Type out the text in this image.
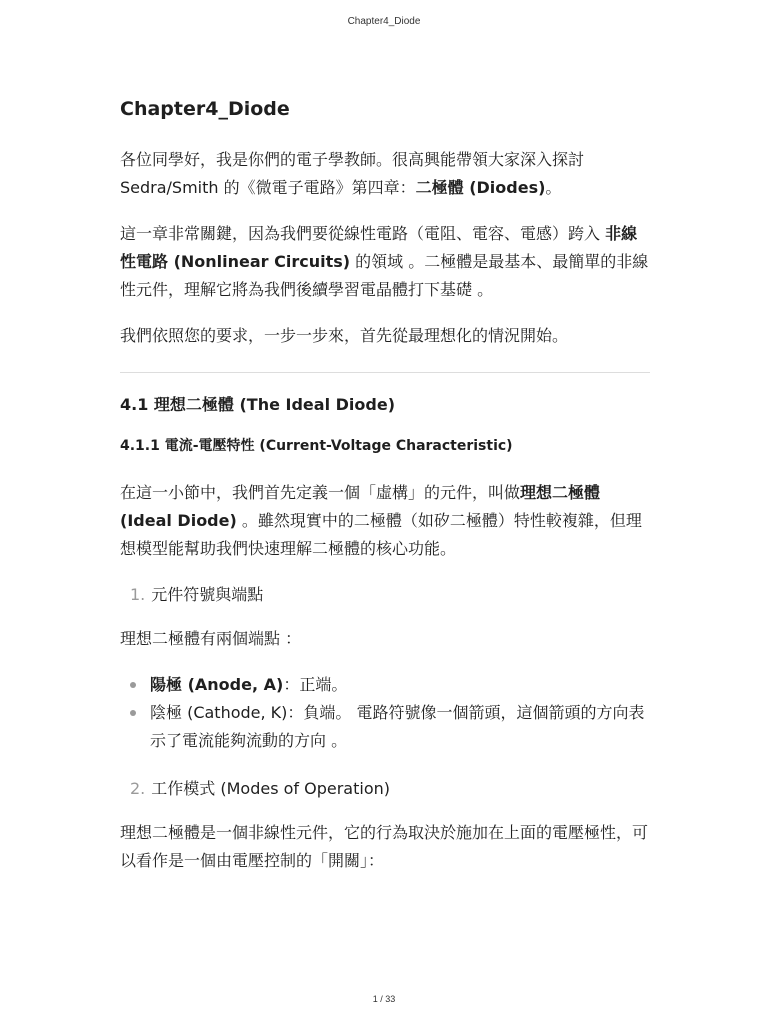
Chapter4_Diode
Chapter4_Diode

各位同學好，我是你們的電子學教師。很高興能帶領大家深入探討 Sedra/Smith 的《微電子電路》第四章：二極體 (Diodes)。

這一章非常關鍵，因為我們要從線性電路（電阻、電容、電感）跨入 非線性電路 (Nonlinear Circuits) 的領域 。二極體是最基本、最簡單的非線性元件，理解它將為我們後續學習電晶體打下基礎 。

我們依照您的要求，一步一步來，首先從最理想化的情況開始。

4.1 理想二極體 (The Ideal Diode)
4.1.1 電流-電壓特性 (Current-Voltage Characteristic)

在這一小節中，我們首先定義一個「虛構」的元件，叫做理想二極體 (Ideal Diode) 。雖然現實中的二極體（如矽二極體）特性較複雜，但理想模型能幫助我們快速理解二極體的核心功能。

1. 元件符號與端點

理想二極體有兩個端點 ：

陽極 (Anode, A)：正端。
陰極 (Cathode, K)：負端。 電路符號像一個箭頭，這個箭頭的方向表示了電流能夠流動的方向 。
2. 工作模式 (Modes of Operation)

理想二極體是一個非線性元件，它的行為取決於施加在上面的電壓極性，可以看作是一個由電壓控制的「開關」：

1 / 33
